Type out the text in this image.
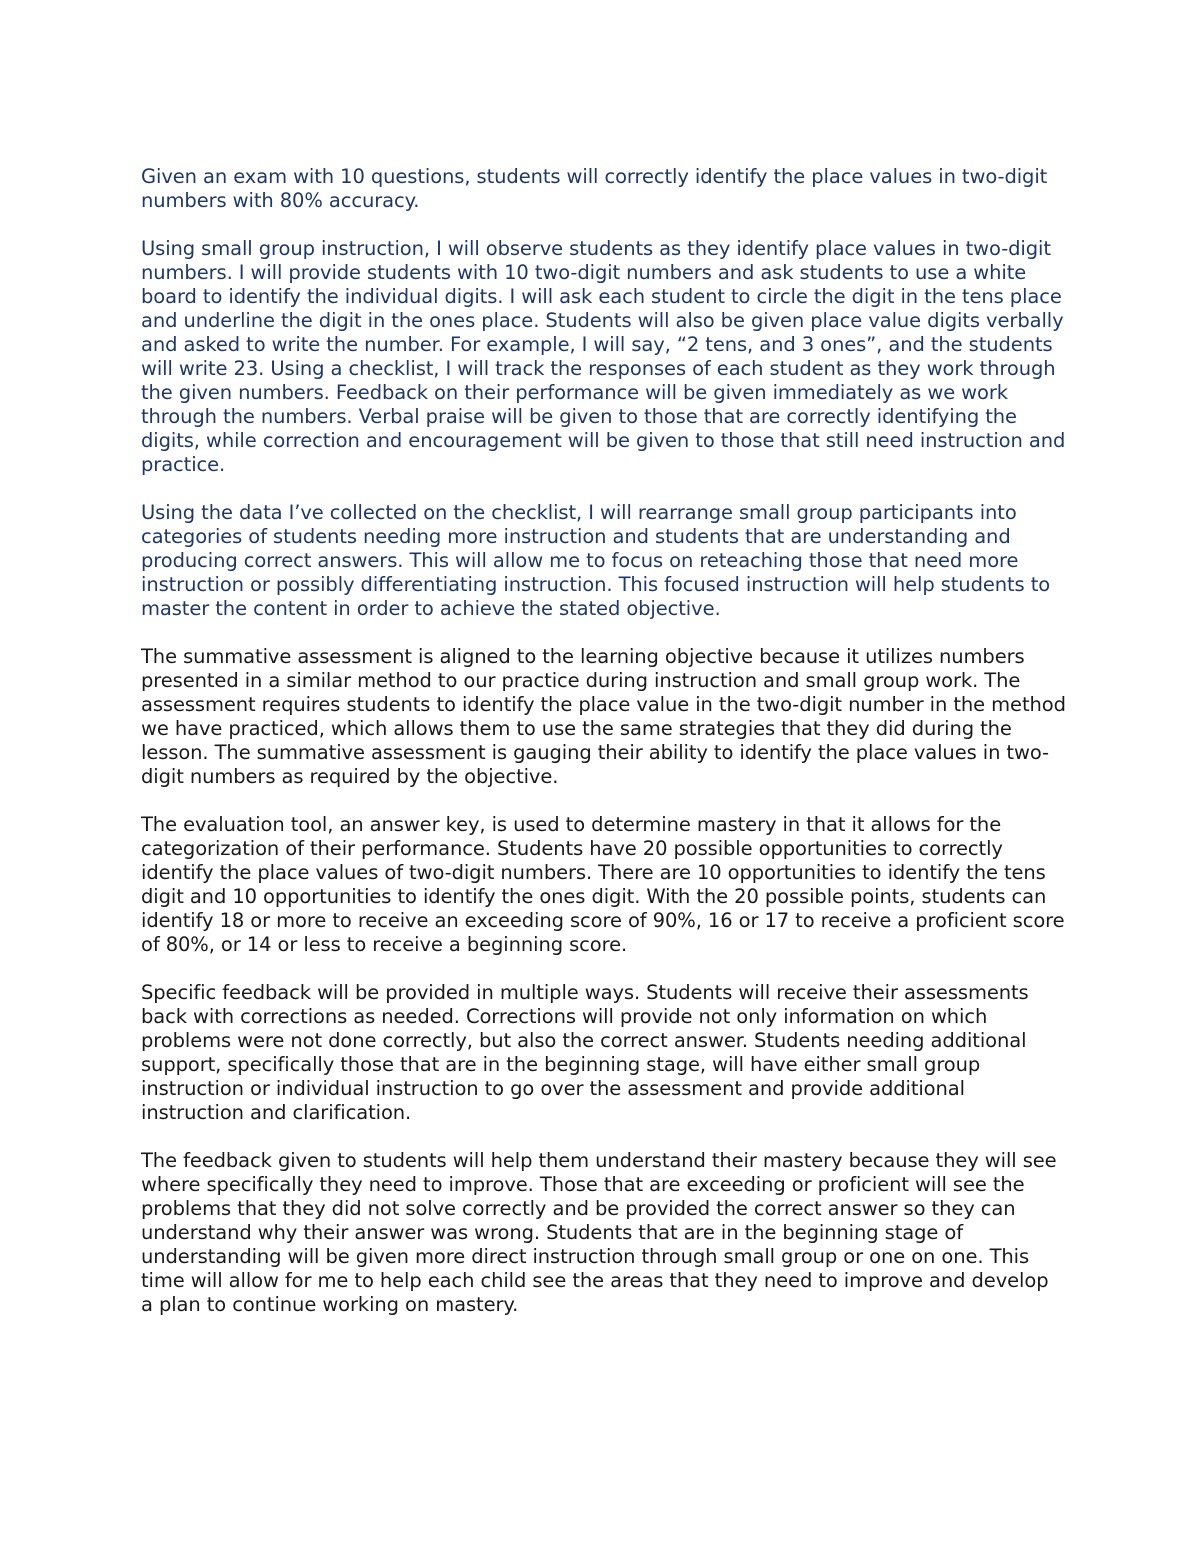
Given an exam with 10 questions, students will correctly identify the place values in two-digit numbers with 80% accuracy.

Using small group instruction, I will observe students as they identify place values in two-digit numbers. I will provide students with 10 two-digit numbers and ask students to use a white board to identify the individual digits. I will ask each student to circle the digit in the tens place and underline the digit in the ones place. Students will also be given place value digits verbally and asked to write the number. For example, I will say, “2 tens, and 3 ones”, and the students will write 23. Using a checklist, I will track the responses of each student as they work through the given numbers. Feedback on their performance will be given immediately as we work through the numbers. Verbal praise will be given to those that are correctly identifying the digits, while correction and encouragement will be given to those that still need instruction and practice.

Using the data I’ve collected on the checklist, I will rearrange small group participants into categories of students needing more instruction and students that are understanding and producing correct answers. This will allow me to focus on reteaching those that need more instruction or possibly differentiating instruction. This focused instruction will help students to master the content in order to achieve the stated objective.

The summative assessment is aligned to the learning objective because it utilizes numbers presented in a similar method to our practice during instruction and small group work. The assessment requires students to identify the place value in the two-digit number in the method we have practiced, which allows them to use the same strategies that they did during the lesson. The summative assessment is gauging their ability to identify the place values in two-digit numbers as required by the objective.

The evaluation tool, an answer key, is used to determine mastery in that it allows for the categorization of their performance. Students have 20 possible opportunities to correctly identify the place values of two-digit numbers. There are 10 opportunities to identify the tens digit and 10 opportunities to identify the ones digit. With the 20 possible points, students can identify 18 or more to receive an exceeding score of 90%, 16 or 17 to receive a proficient score of 80%, or 14 or less to receive a beginning score.

Specific feedback will be provided in multiple ways. Students will receive their assessments back with corrections as needed. Corrections will provide not only information on which problems were not done correctly, but also the correct answer. Students needing additional support, specifically those that are in the beginning stage, will have either small group instruction or individual instruction to go over the assessment and provide additional instruction and clarification.

The feedback given to students will help them understand their mastery because they will see where specifically they need to improve. Those that are exceeding or proficient will see the problems that they did not solve correctly and be provided the correct answer so they can understand why their answer was wrong. Students that are in the beginning stage of understanding will be given more direct instruction through small group or one on one. This time will allow for me to help each child see the areas that they need to improve and develop a plan to continue working on mastery.
